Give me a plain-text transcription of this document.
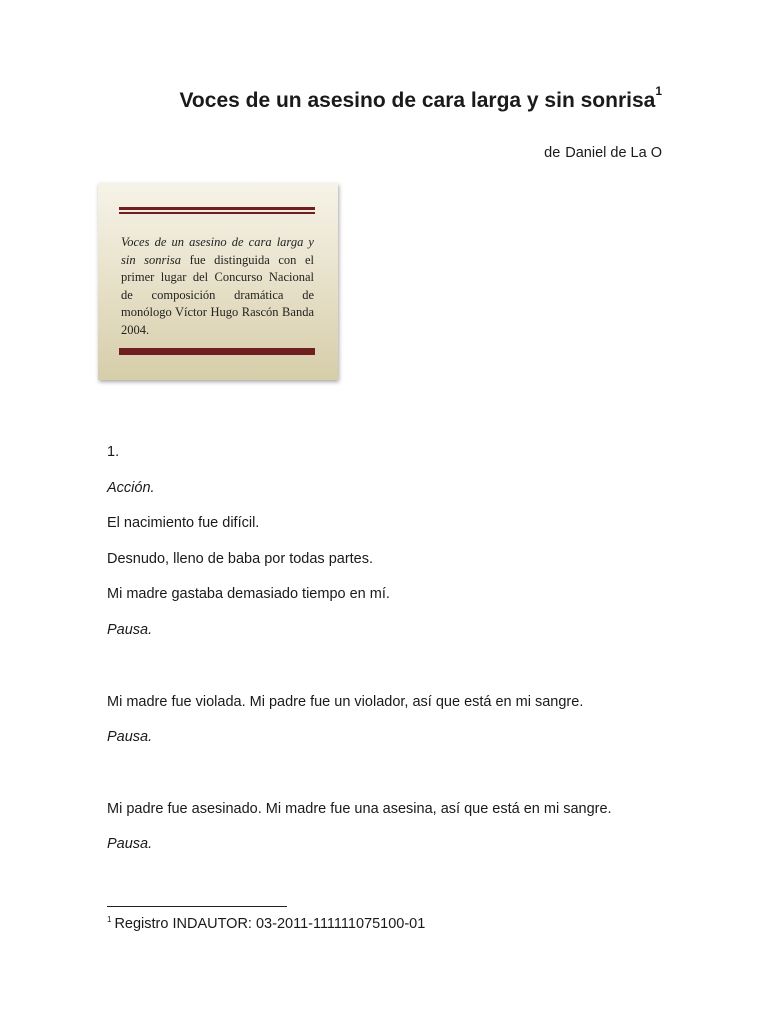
Voces de un asesino de cara larga y sin sonrisa$^1$
de Daniel de La O
Voces de un asesino de cara larga y sin sonrisa fue distinguida con el primer lugar del Concurso Nacional de composición dramática de monólogo Víctor Hugo Rascón Banda 2004.
1.
Acción.
El nacimiento fue difícil.
Desnudo, lleno de baba por todas partes.
Mi madre gastaba demasiado tiempo en mí.
Pausa.
Mi madre fue violada. Mi padre fue un violador, así que está en mi sangre.
Pausa.
Mi padre fue asesinado. Mi madre fue una asesina, así que está en mi sangre.
Pausa.
$^1$ Registro INDAUTOR: 03-2011-111111075100-01
